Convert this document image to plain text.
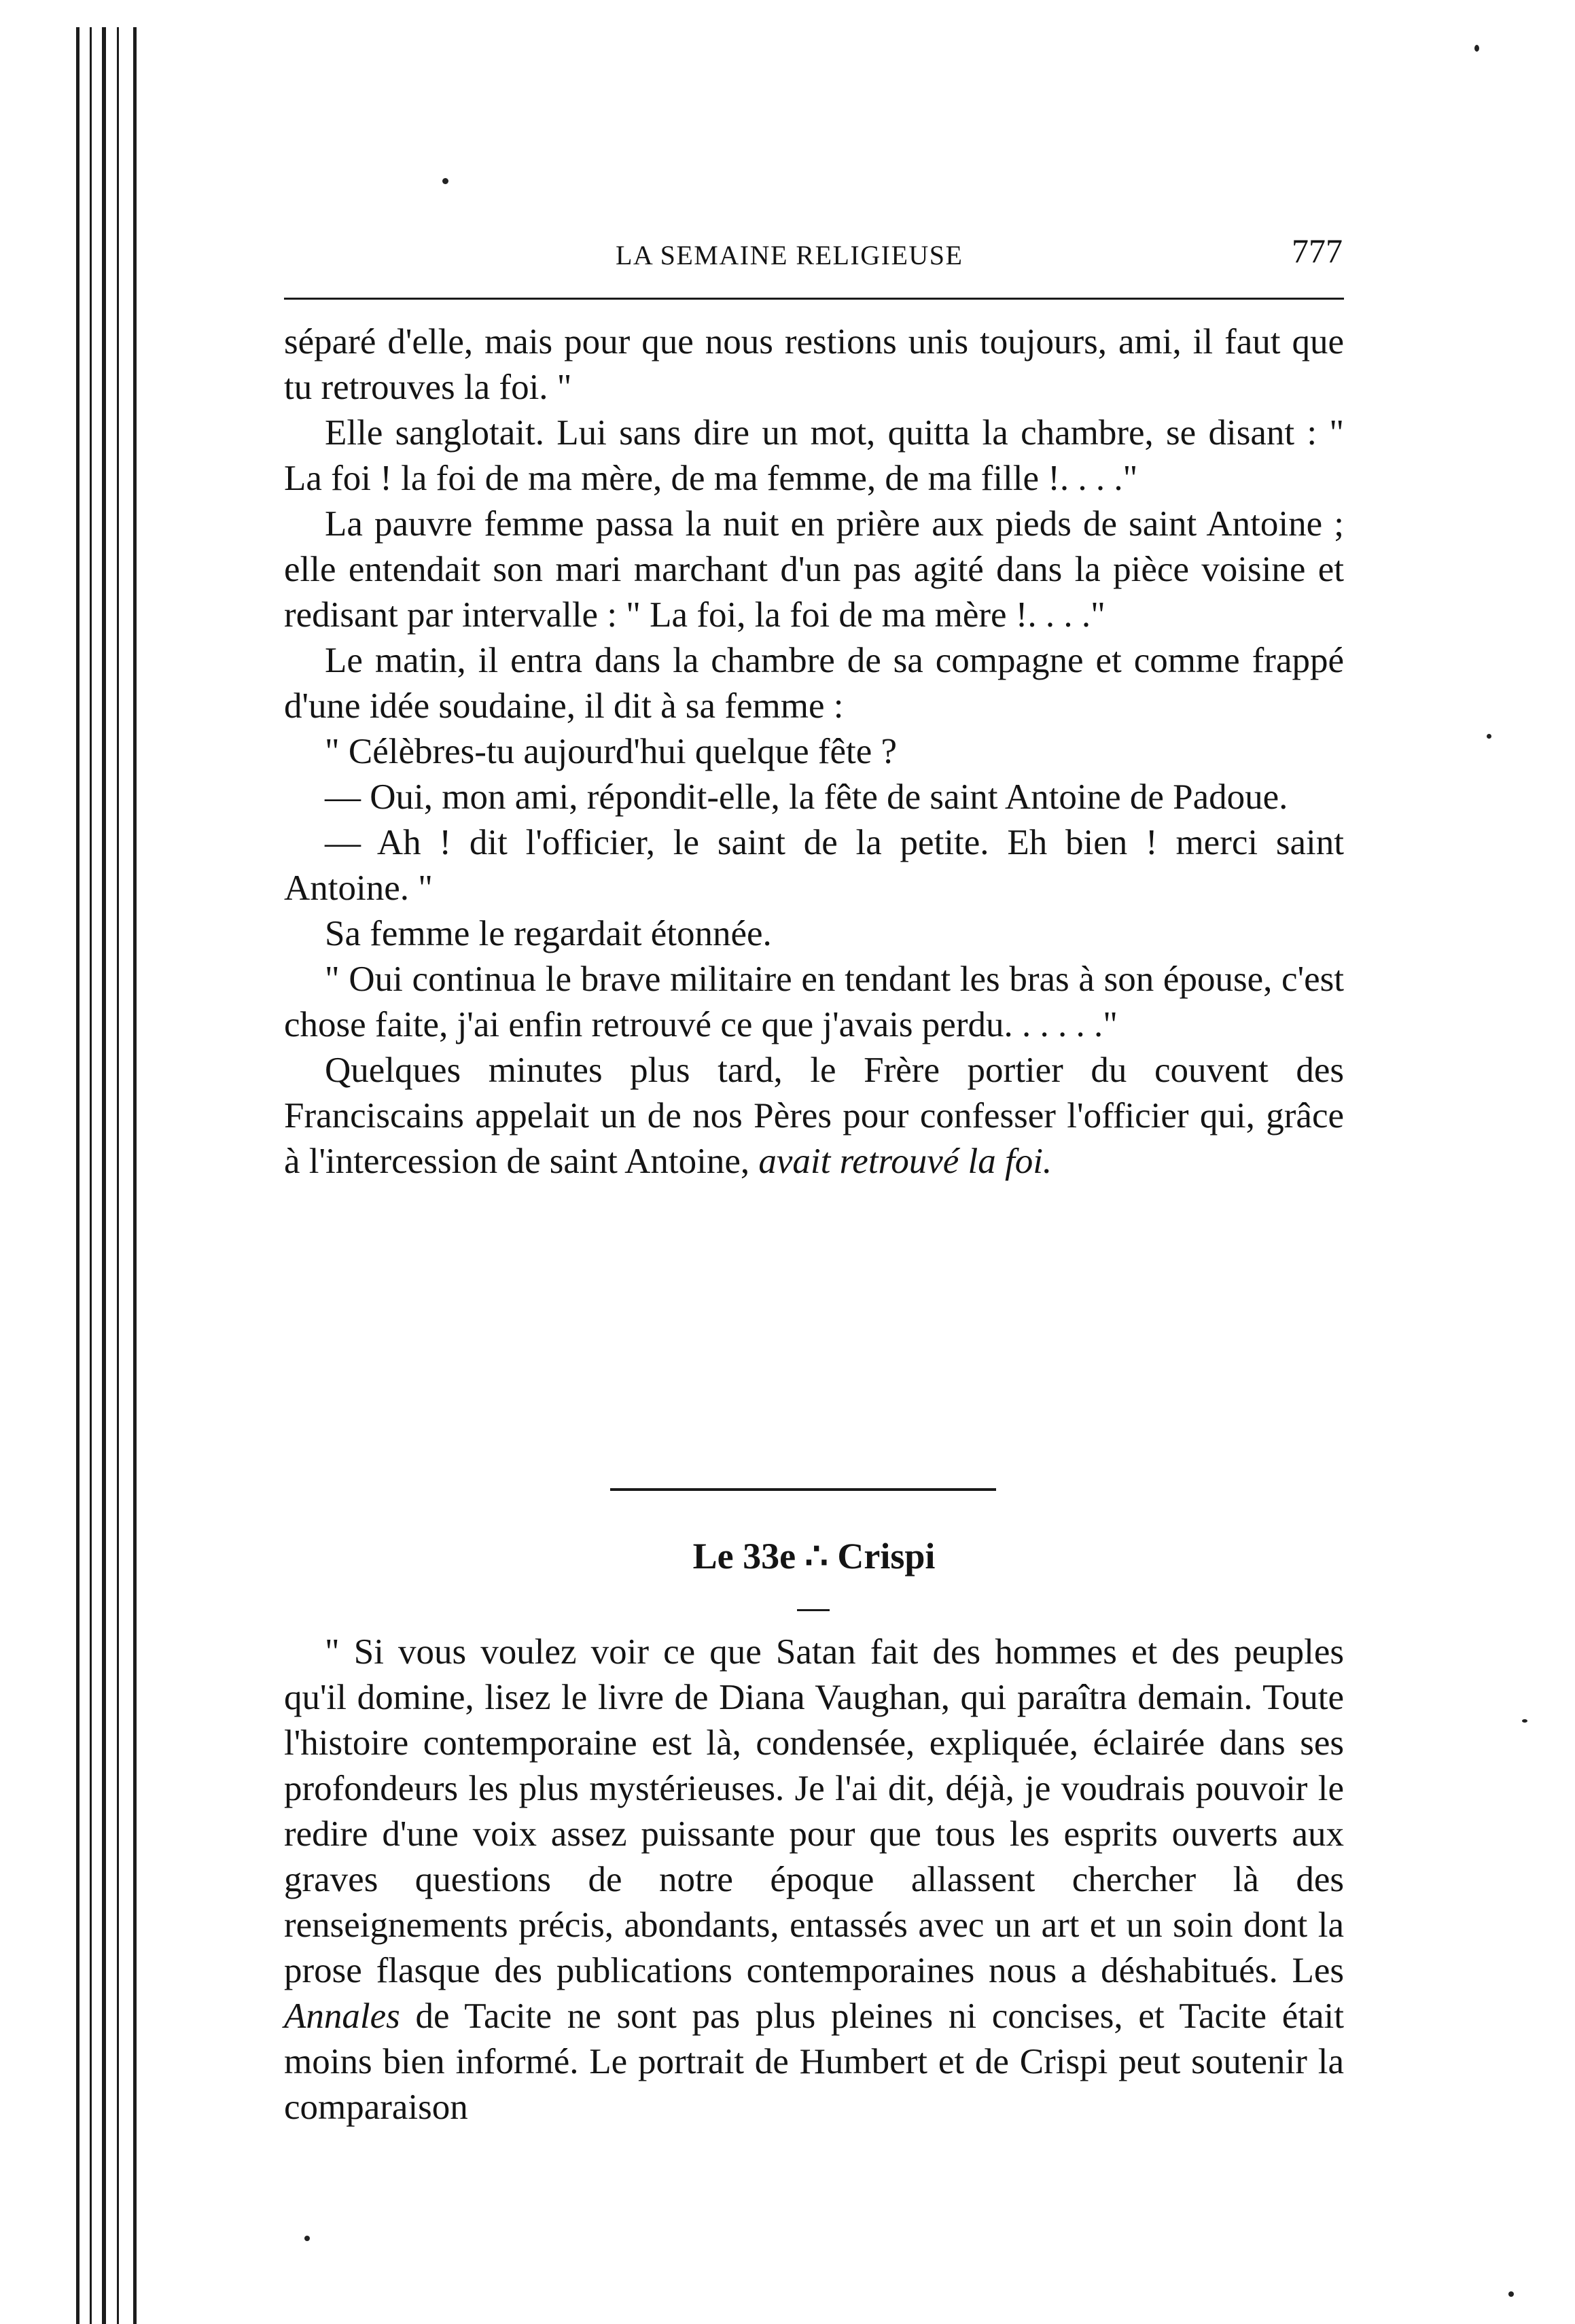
LA SEMAINE RELIGIEUSE	777

séparé d'elle, mais pour que nous restions unis toujours, ami, il faut que tu retrouves la foi. "

Elle sanglotait. Lui sans dire un mot, quitta la chambre, se disant : " La foi ! la foi de ma mère, de ma femme, de ma fille !. . . ."

La pauvre femme passa la nuit en prière aux pieds de saint Antoine ; elle entendait son mari marchant d'un pas agité dans la pièce voisine et redisant par intervalle : " La foi, la foi de ma mère !. . . ."

Le matin, il entra dans la chambre de sa compagne et comme frappé d'une idée soudaine, il dit à sa femme :

" Célèbres-tu aujourd'hui quelque fête ?

— Oui, mon ami, répondit-elle, la fête de saint Antoine de Padoue.

— Ah ! dit l'officier, le saint de la petite. Eh bien ! merci saint Antoine. "

Sa femme le regardait étonnée.

" Oui continua le brave militaire en tendant les bras à son épouse, c'est chose faite, j'ai enfin retrouvé ce que j'avais perdu. . . . . ."

Quelques minutes plus tard, le Frère portier du couvent des Franciscains appelait un de nos Pères pour confesser l'officier qui, grâce à l'intercession de saint Antoine, avait retrouvé la foi.

Le 33e ∴ Crispi

" Si vous voulez voir ce que Satan fait des hommes et des peuples qu'il domine, lisez le livre de Diana Vaughan, qui paraîtra demain. Toute l'histoire contemporaine est là, condensée, expliquée, éclairée dans ses profondeurs les plus mystérieuses. Je l'ai dit, déjà, je voudrais pouvoir le redire d'une voix assez puissante pour que tous les esprits ouverts aux graves questions de notre époque allassent chercher là des renseignements précis, abondants, entassés avec un art et un soin dont la prose flasque des publications contemporaines nous a déshabitués. Les Annales de Tacite ne sont pas plus pleines ni concises, et Tacite était moins bien informé. Le portrait de Humbert et de Crispi peut soutenir la comparaison
